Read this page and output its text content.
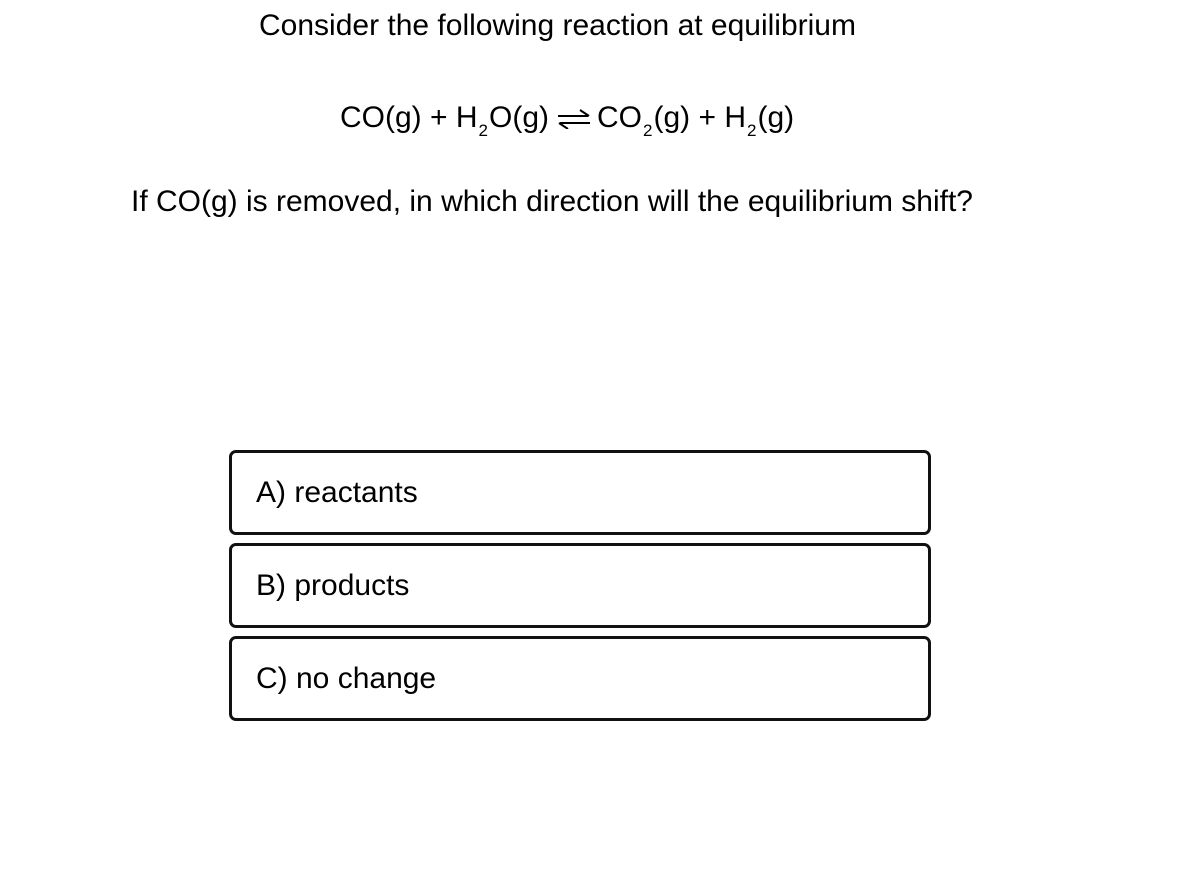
Consider the following reaction at equilibrium
CO(g) + H 2 O(g) ⇌ CO 2 (g) + H 2 (g)
If CO(g) is removed, in which direction will the equilibrium shift?
A) reactants
B) products
C) no change
